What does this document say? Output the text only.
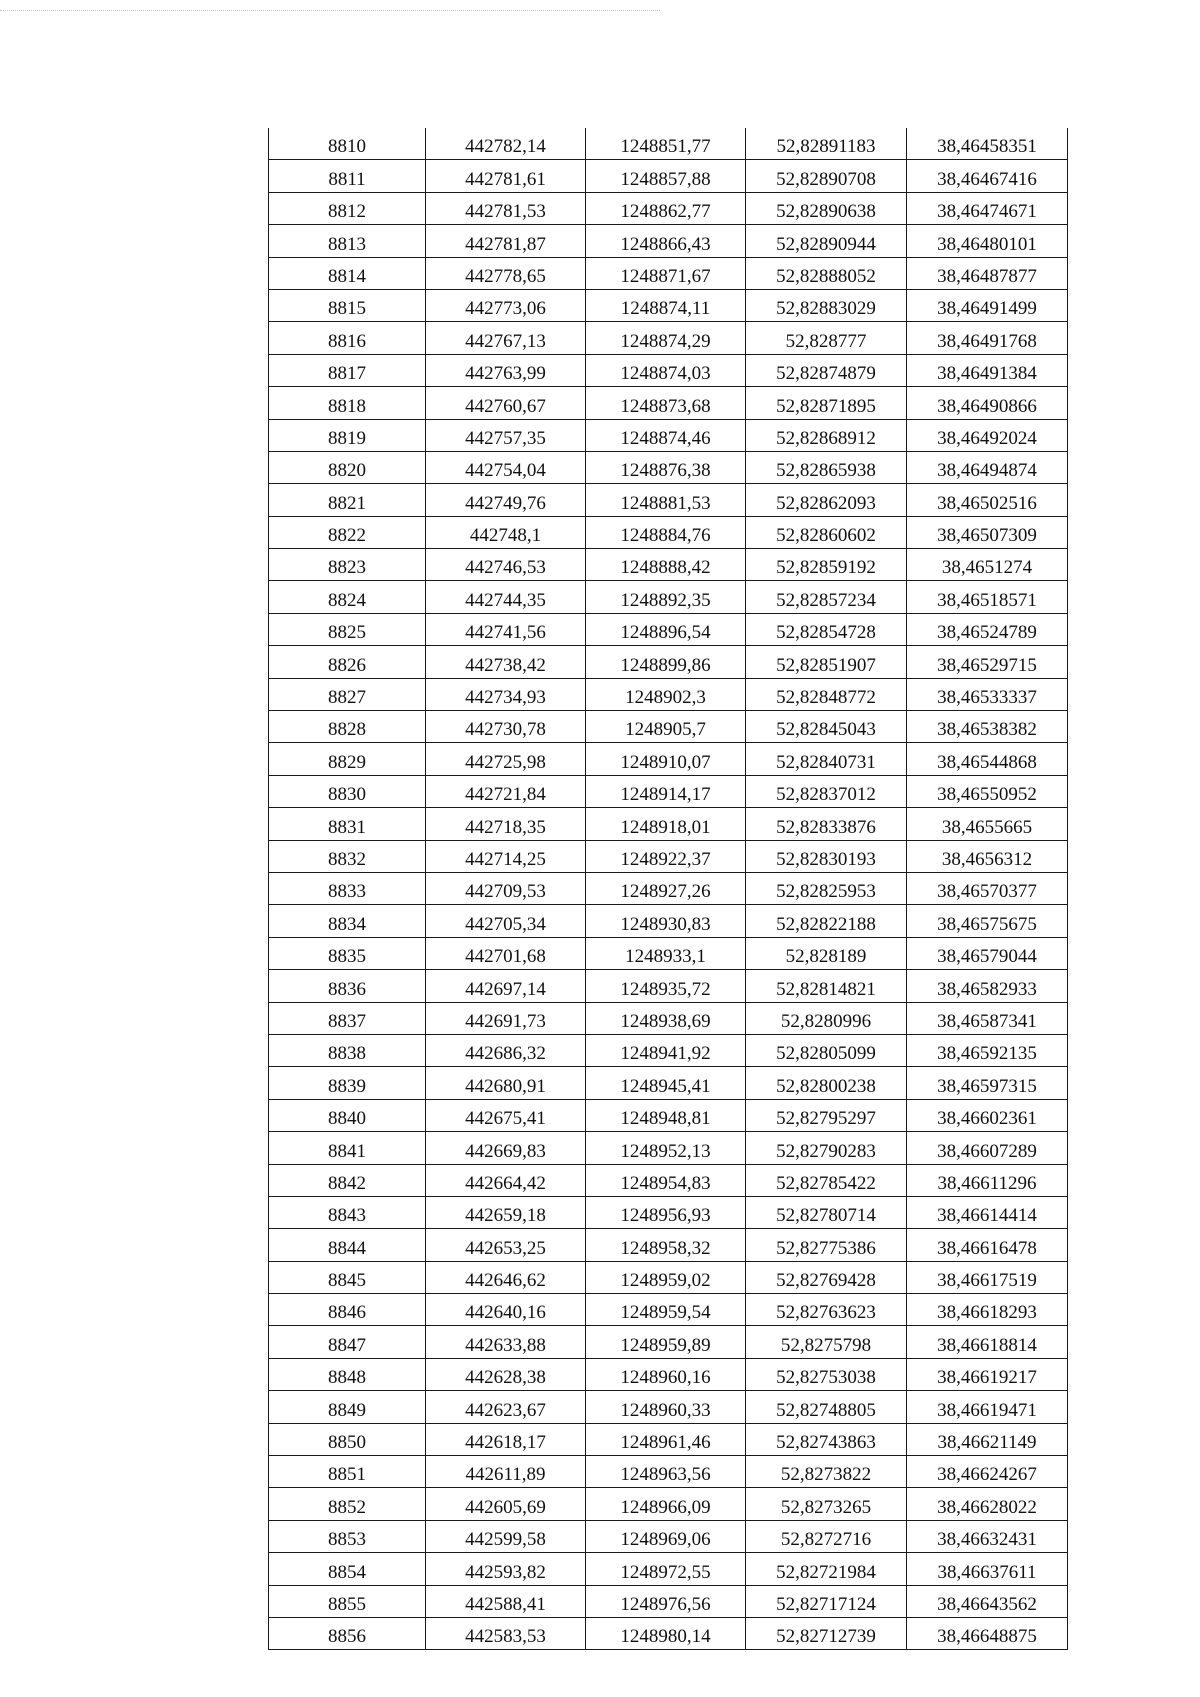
8810	442782,14	1248851,77	52,82891183	38,46458351
8811	442781,61	1248857,88	52,82890708	38,46467416
8812	442781,53	1248862,77	52,82890638	38,46474671
8813	442781,87	1248866,43	52,82890944	38,46480101
8814	442778,65	1248871,67	52,82888052	38,46487877
8815	442773,06	1248874,11	52,82883029	38,46491499
8816	442767,13	1248874,29	52,828777	38,46491768
8817	442763,99	1248874,03	52,82874879	38,46491384
8818	442760,67	1248873,68	52,82871895	38,46490866
8819	442757,35	1248874,46	52,82868912	38,46492024
8820	442754,04	1248876,38	52,82865938	38,46494874
8821	442749,76	1248881,53	52,82862093	38,46502516
8822	442748,1	1248884,76	52,82860602	38,46507309
8823	442746,53	1248888,42	52,82859192	38,4651274
8824	442744,35	1248892,35	52,82857234	38,46518571
8825	442741,56	1248896,54	52,82854728	38,46524789
8826	442738,42	1248899,86	52,82851907	38,46529715
8827	442734,93	1248902,3	52,82848772	38,46533337
8828	442730,78	1248905,7	52,82845043	38,46538382
8829	442725,98	1248910,07	52,82840731	38,46544868
8830	442721,84	1248914,17	52,82837012	38,46550952
8831	442718,35	1248918,01	52,82833876	38,4655665
8832	442714,25	1248922,37	52,82830193	38,4656312
8833	442709,53	1248927,26	52,82825953	38,46570377
8834	442705,34	1248930,83	52,82822188	38,46575675
8835	442701,68	1248933,1	52,828189	38,46579044
8836	442697,14	1248935,72	52,82814821	38,46582933
8837	442691,73	1248938,69	52,8280996	38,46587341
8838	442686,32	1248941,92	52,82805099	38,46592135
8839	442680,91	1248945,41	52,82800238	38,46597315
8840	442675,41	1248948,81	52,82795297	38,46602361
8841	442669,83	1248952,13	52,82790283	38,46607289
8842	442664,42	1248954,83	52,82785422	38,46611296
8843	442659,18	1248956,93	52,82780714	38,46614414
8844	442653,25	1248958,32	52,82775386	38,46616478
8845	442646,62	1248959,02	52,82769428	38,46617519
8846	442640,16	1248959,54	52,82763623	38,46618293
8847	442633,88	1248959,89	52,8275798	38,46618814
8848	442628,38	1248960,16	52,82753038	38,46619217
8849	442623,67	1248960,33	52,82748805	38,46619471
8850	442618,17	1248961,46	52,82743863	38,46621149
8851	442611,89	1248963,56	52,8273822	38,46624267
8852	442605,69	1248966,09	52,8273265	38,46628022
8853	442599,58	1248969,06	52,8272716	38,46632431
8854	442593,82	1248972,55	52,82721984	38,46637611
8855	442588,41	1248976,56	52,82717124	38,46643562
8856	442583,53	1248980,14	52,82712739	38,46648875
